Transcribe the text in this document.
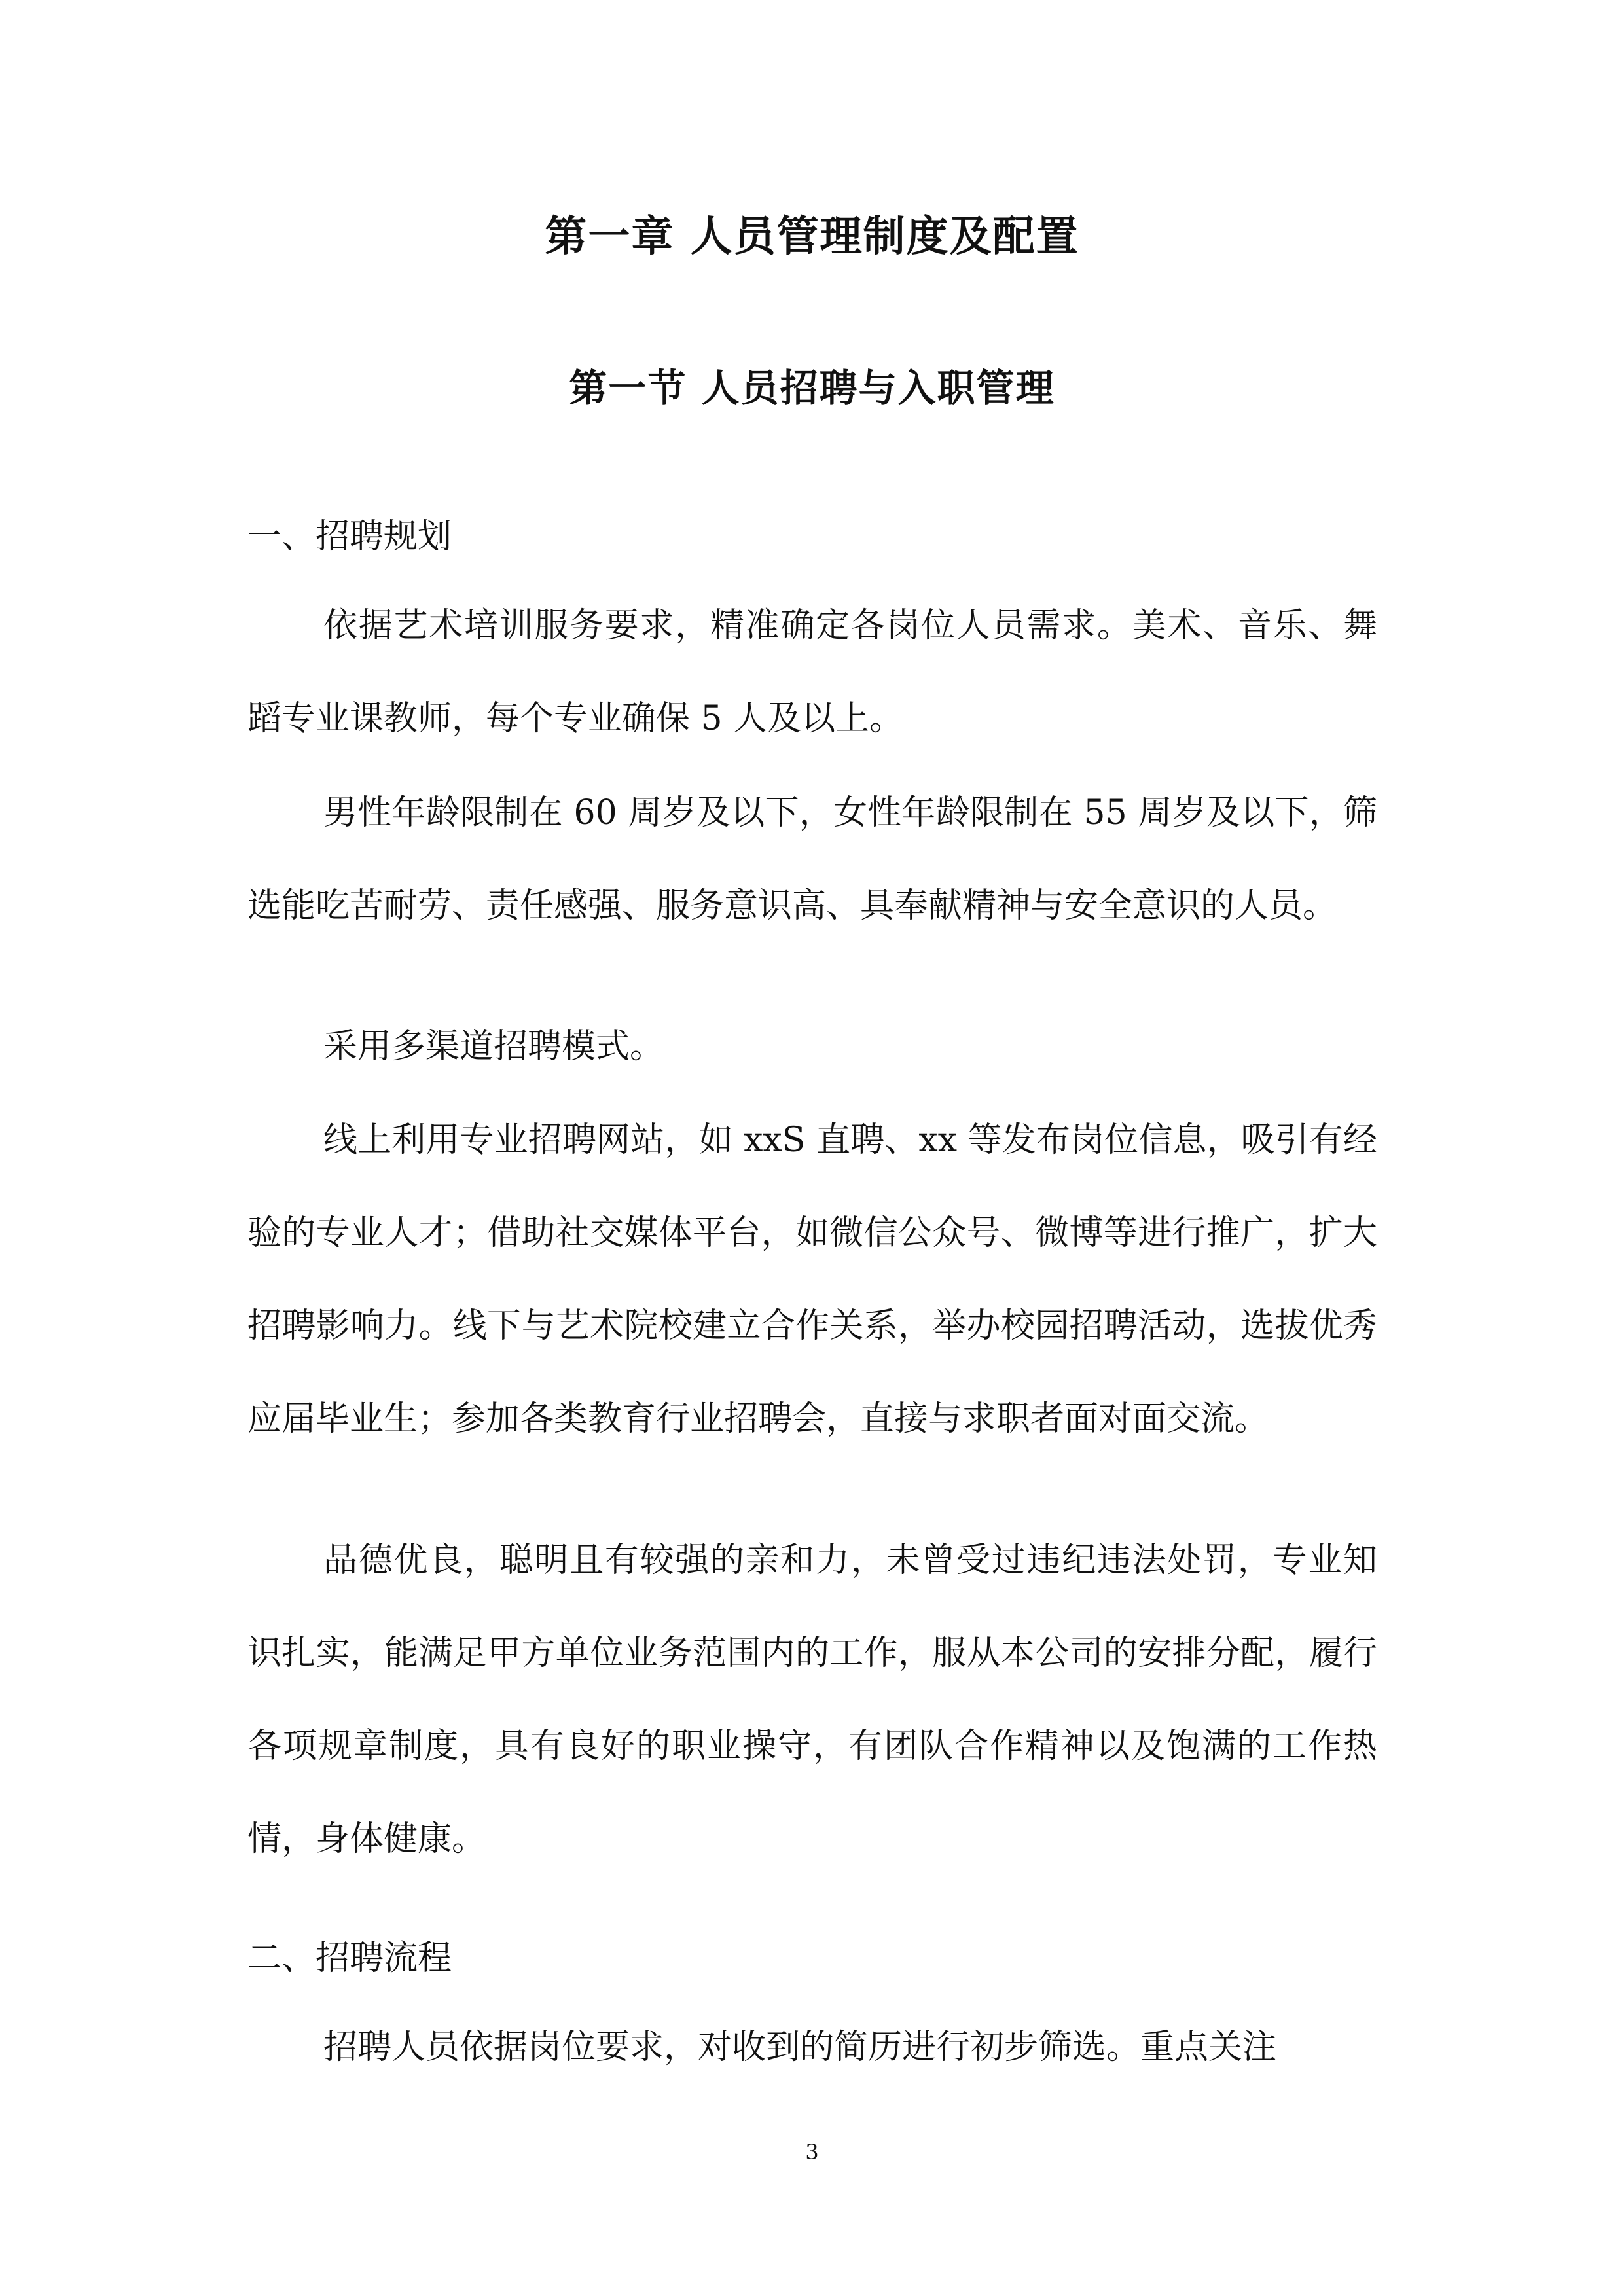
第一章 人员管理制度及配置
第一节 人员招聘与入职管理
一、招聘规划

依据艺术培训服务要求，精准确定各岗位人员需求。美术、音乐、舞蹈专业课教师，每个专业确保 5 人及以上。

男性年龄限制在 60 周岁及以下，女性年龄限制在 55 周岁及以下，筛选能吃苦耐劳、责任感强、服务意识高、具奉献精神与安全意识的人员。

采用多渠道招聘模式。

线上利用专业招聘网站，如 xxS 直聘、xx 等发布岗位信息，吸引有经验的专业人才；借助社交媒体平台，如微信公众号、微博等进行推广，扩大招聘影响力。线下与艺术院校建立合作关系，举办校园招聘活动，选拔优秀应届毕业生；参加各类教育行业招聘会，直接与求职者面对面交流。

品德优良，聪明且有较强的亲和力，未曾受过违纪违法处罚，专业知识扎实，能满足甲方单位业务范围内的工作，服从本公司的安排分配，履行各项规章制度，具有良好的职业操守，有团队合作精神以及饱满的工作热情，身体健康。

二、招聘流程

招聘人员依据岗位要求，对收到的简历进行初步筛选。重点关注

3
